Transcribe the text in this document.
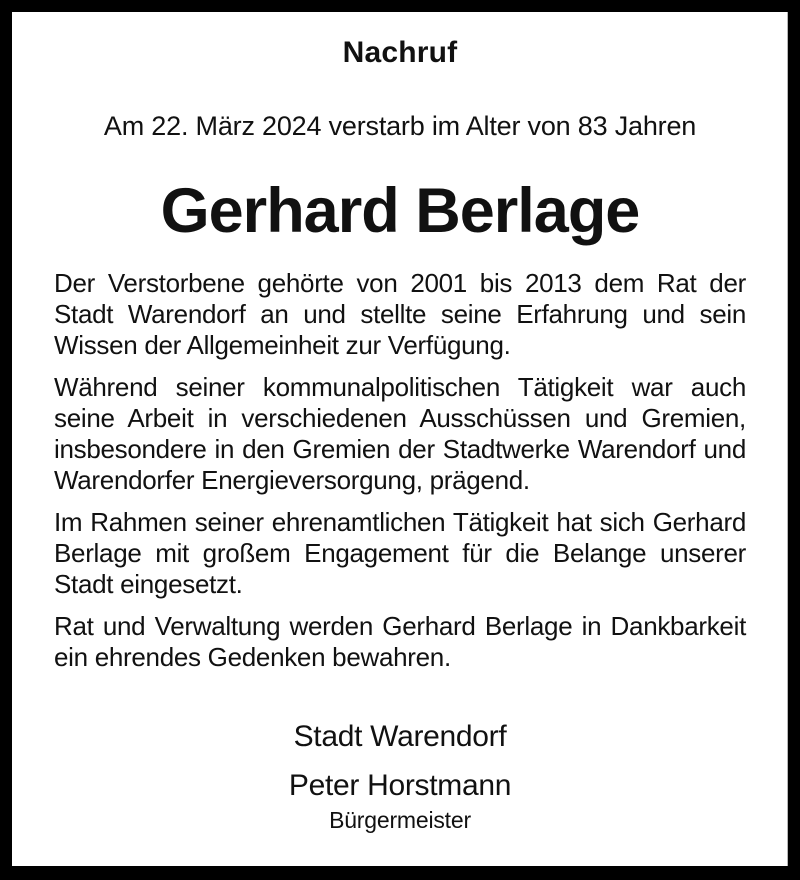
Nachruf
Am 22. März 2024 verstarb im Alter von 83 Jahren
Gerhard Berlage

Der Verstorbene gehörte von 2001 bis 2013 dem Rat der Stadt Warendorf an und stellte seine Erfahrung und sein Wissen der Allgemeinheit zur Verfügung.

Während seiner kommunalpolitischen Tätigkeit war auch seine Arbeit in verschiedenen Ausschüssen und Gremien, insbesondere in den Gremien der Stadtwerke Warendorf und Warendorfer Energieversorgung, prägend.

Im Rahmen seiner ehrenamtlichen Tätigkeit hat sich Gerhard Berlage mit großem Engagement für die Belange unserer Stadt eingesetzt.

Rat und Verwaltung werden Gerhard Berlage in Dankbarkeit ein ehrendes Gedenken bewahren.

Stadt Warendorf
Peter Horstmann
Bürgermeister
